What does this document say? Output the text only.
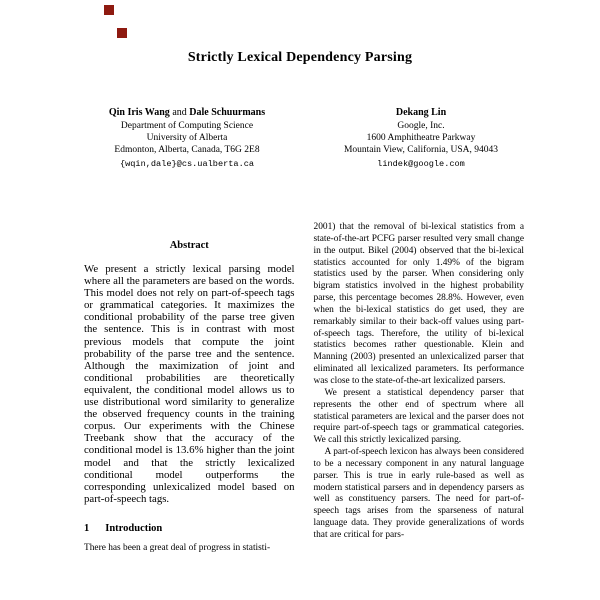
Strictly Lexical Dependency Parsing
Qin Iris Wang and Dale Schuurmans
Department of Computing Science
University of Alberta
Edmonton, Alberta, Canada, T6G 2E8
{wqin,dale}@cs.ualberta.ca
Dekang Lin
Google, Inc.
1600 Amphitheatre Parkway
Mountain View, California, USA, 94043
lindek@google.com
Abstract

We present a strictly lexical parsing model where all the parameters are based on the words. This model does not rely on part-of-speech tags or grammatical categories. It maximizes the conditional probability of the parse tree given the sentence. This is in contrast with most previous models that compute the joint probability of the parse tree and the sentence. Although the maximization of joint and conditional probabilities are theoretically equivalent, the conditional model allows us to use distributional word similarity to generalize the observed frequency counts in the training corpus. Our experiments with the Chinese Treebank show that the accuracy of the conditional model is 13.6% higher than the joint model and that the strictly lexicalized conditional model outperforms the corresponding unlexicalized model based on part-of-speech tags.

1 Introduction

There has been a great deal of progress in statisti-

2001) that the removal of bi-lexical statistics from a state-of-the-art PCFG parser resulted very small change in the output. Bikel (2004) observed that the bi-lexical statistics accounted for only 1.49% of the bigram statistics used by the parser. When considering only bigram statistics involved in the highest probability parse, this percentage becomes 28.8%. However, even when the bi-lexical statistics do get used, they are remarkably similar to their back-off values using part-of-speech tags. Therefore, the utility of bi-lexical statistics becomes rather questionable. Klein and Manning (2003) presented an unlexicalized parser that eliminated all lexicalized parameters. Its performance was close to the state-of-the-art lexicalized parsers.

We present a statistical dependency parser that represents the other end of spectrum where all statistical parameters are lexical and the parser does not require part-of-speech tags or grammatical categories. We call this strictly lexicalized parsing.

A part-of-speech lexicon has always been considered to be a necessary component in any natural language parser. This is true in early rule-based as well as modern statistical parsers and in dependency parsers as well as constituency parsers. The need for part-of-speech tags arises from the sparseness of natural language data. They provide generalizations of words that are critical for pars-
